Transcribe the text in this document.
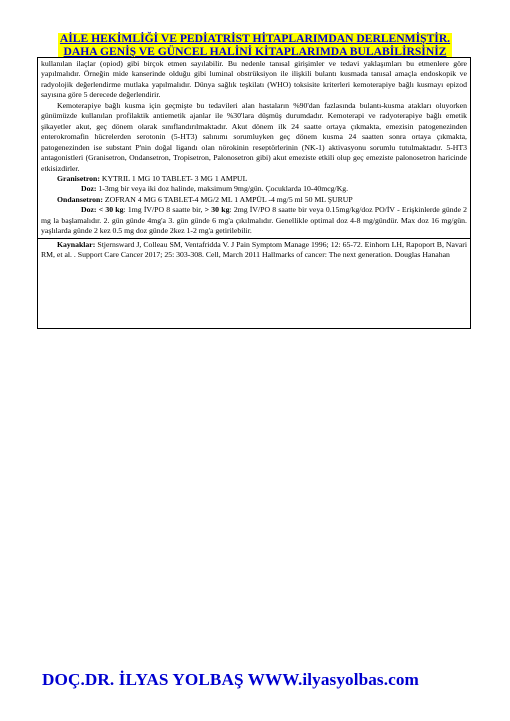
AİLE HEKİMLİĞİ VE PEDİATRİST HİTAPLARIMDAN DERLENMİŞTİR.
DAHA GENİŞ VE GÜNCEL HALİNİ KİTAPLARIMDA BULABİLİRSİNİZ

kullanılan ilaçlar (opiod) gibi birçok etmen sayılabilir. Bu nedenle tanısal girişimler ve tedavi yaklaşımları bu etmenlere göre yapılmalıdır. Örneğin mide kanserinde olduğu gibi luminal obstrüksiyon ile ilişkili bulantı kusmada tanısal amaçla endoskopik ve radyolojik değerlendirme mutlaka yapılmalıdır. Dünya sağlık teşkilatı (WHO) toksisite kriterleri kemoterapiye bağlı kusmayı epizod sayısına göre 5 derecede değerlendirir.

Kemoterapiye bağlı kusma için geçmişte bu tedavileri alan hastaların %90'dan fazlasında bulantı-kusma atakları oluyorken günümüzde kullanılan profilaktik antiemetik ajanlar ile %30'lara düşmüş durumdadır. Kemoterapi ve radyoterapiye bağlı emetik şikayetler akut, geç dönem olarak sınıflandırılmaktadır. Akut dönem ilk 24 saatte ortaya çıkmakta, emezisin patogenezinden enterokromafin hücrelerden serotonin (5-HT3) salınımı sorumluyken geç dönem kusma 24 saatten sonra ortaya çıkmakta, patogenezinden ise substant P'nin doğal ligandı olan nörokinin reseptörlerinin (NK-1) aktivasyonu sorumlu tutulmaktadır. 5-HT3 antagonistleri (Granisetron, Ondansetron, Tropisetron, Palonosetron gibi) akut emeziste etkili olup geç emeziste palonosetron haricinde etkisizdirler.

Granisetron: KYTRIL 1 MG 10 TABLET- 3 MG 1 AMPUL

Doz: 1-3mg bir veya iki doz halinde, maksimum 9mg/gün. Çocuklarda 10-40mcg/Kg.

Ondansetron: ZOFRAN 4 MG 6 TABLET-4 MG/2 ML 1 AMPÜL -4 mg/5 ml 50 ML ŞURUP

Doz: < 30 kg: 1mg İV/PO 8 saatte bir, > 30 kg: 2mg İV/PO 8 saatte bir veya 0.15mg/kg/doz PO/İV - Erişkinlerde günde 2 mg la başlamalıdır. 2. gün günde 4mg'a 3. gün günde 6 mg'a çıkılmalıdır. Genellikle optimal doz 4-8 mg/gündür. Max doz 16 mg/gün. yaşlılarda günde 2 kez 0.5 mg doz günde 2kez 1-2 mg'a getirilebilir.

Kaynaklar: Stjernsward J, Colleau SM, Ventafridda V. J Pain Symptom Manage 1996; 12: 65-72. Einhorn LH, Rapoport B, Navari RM, et al. . Support Care Cancer 2017; 25: 303-308. Cell, March 2011 Hallmarks of cancer: The next generation. Douglas Hanahan

DOÇ.DR. İLYAS YOLBAŞ WWW.ilyasyolbas.com
